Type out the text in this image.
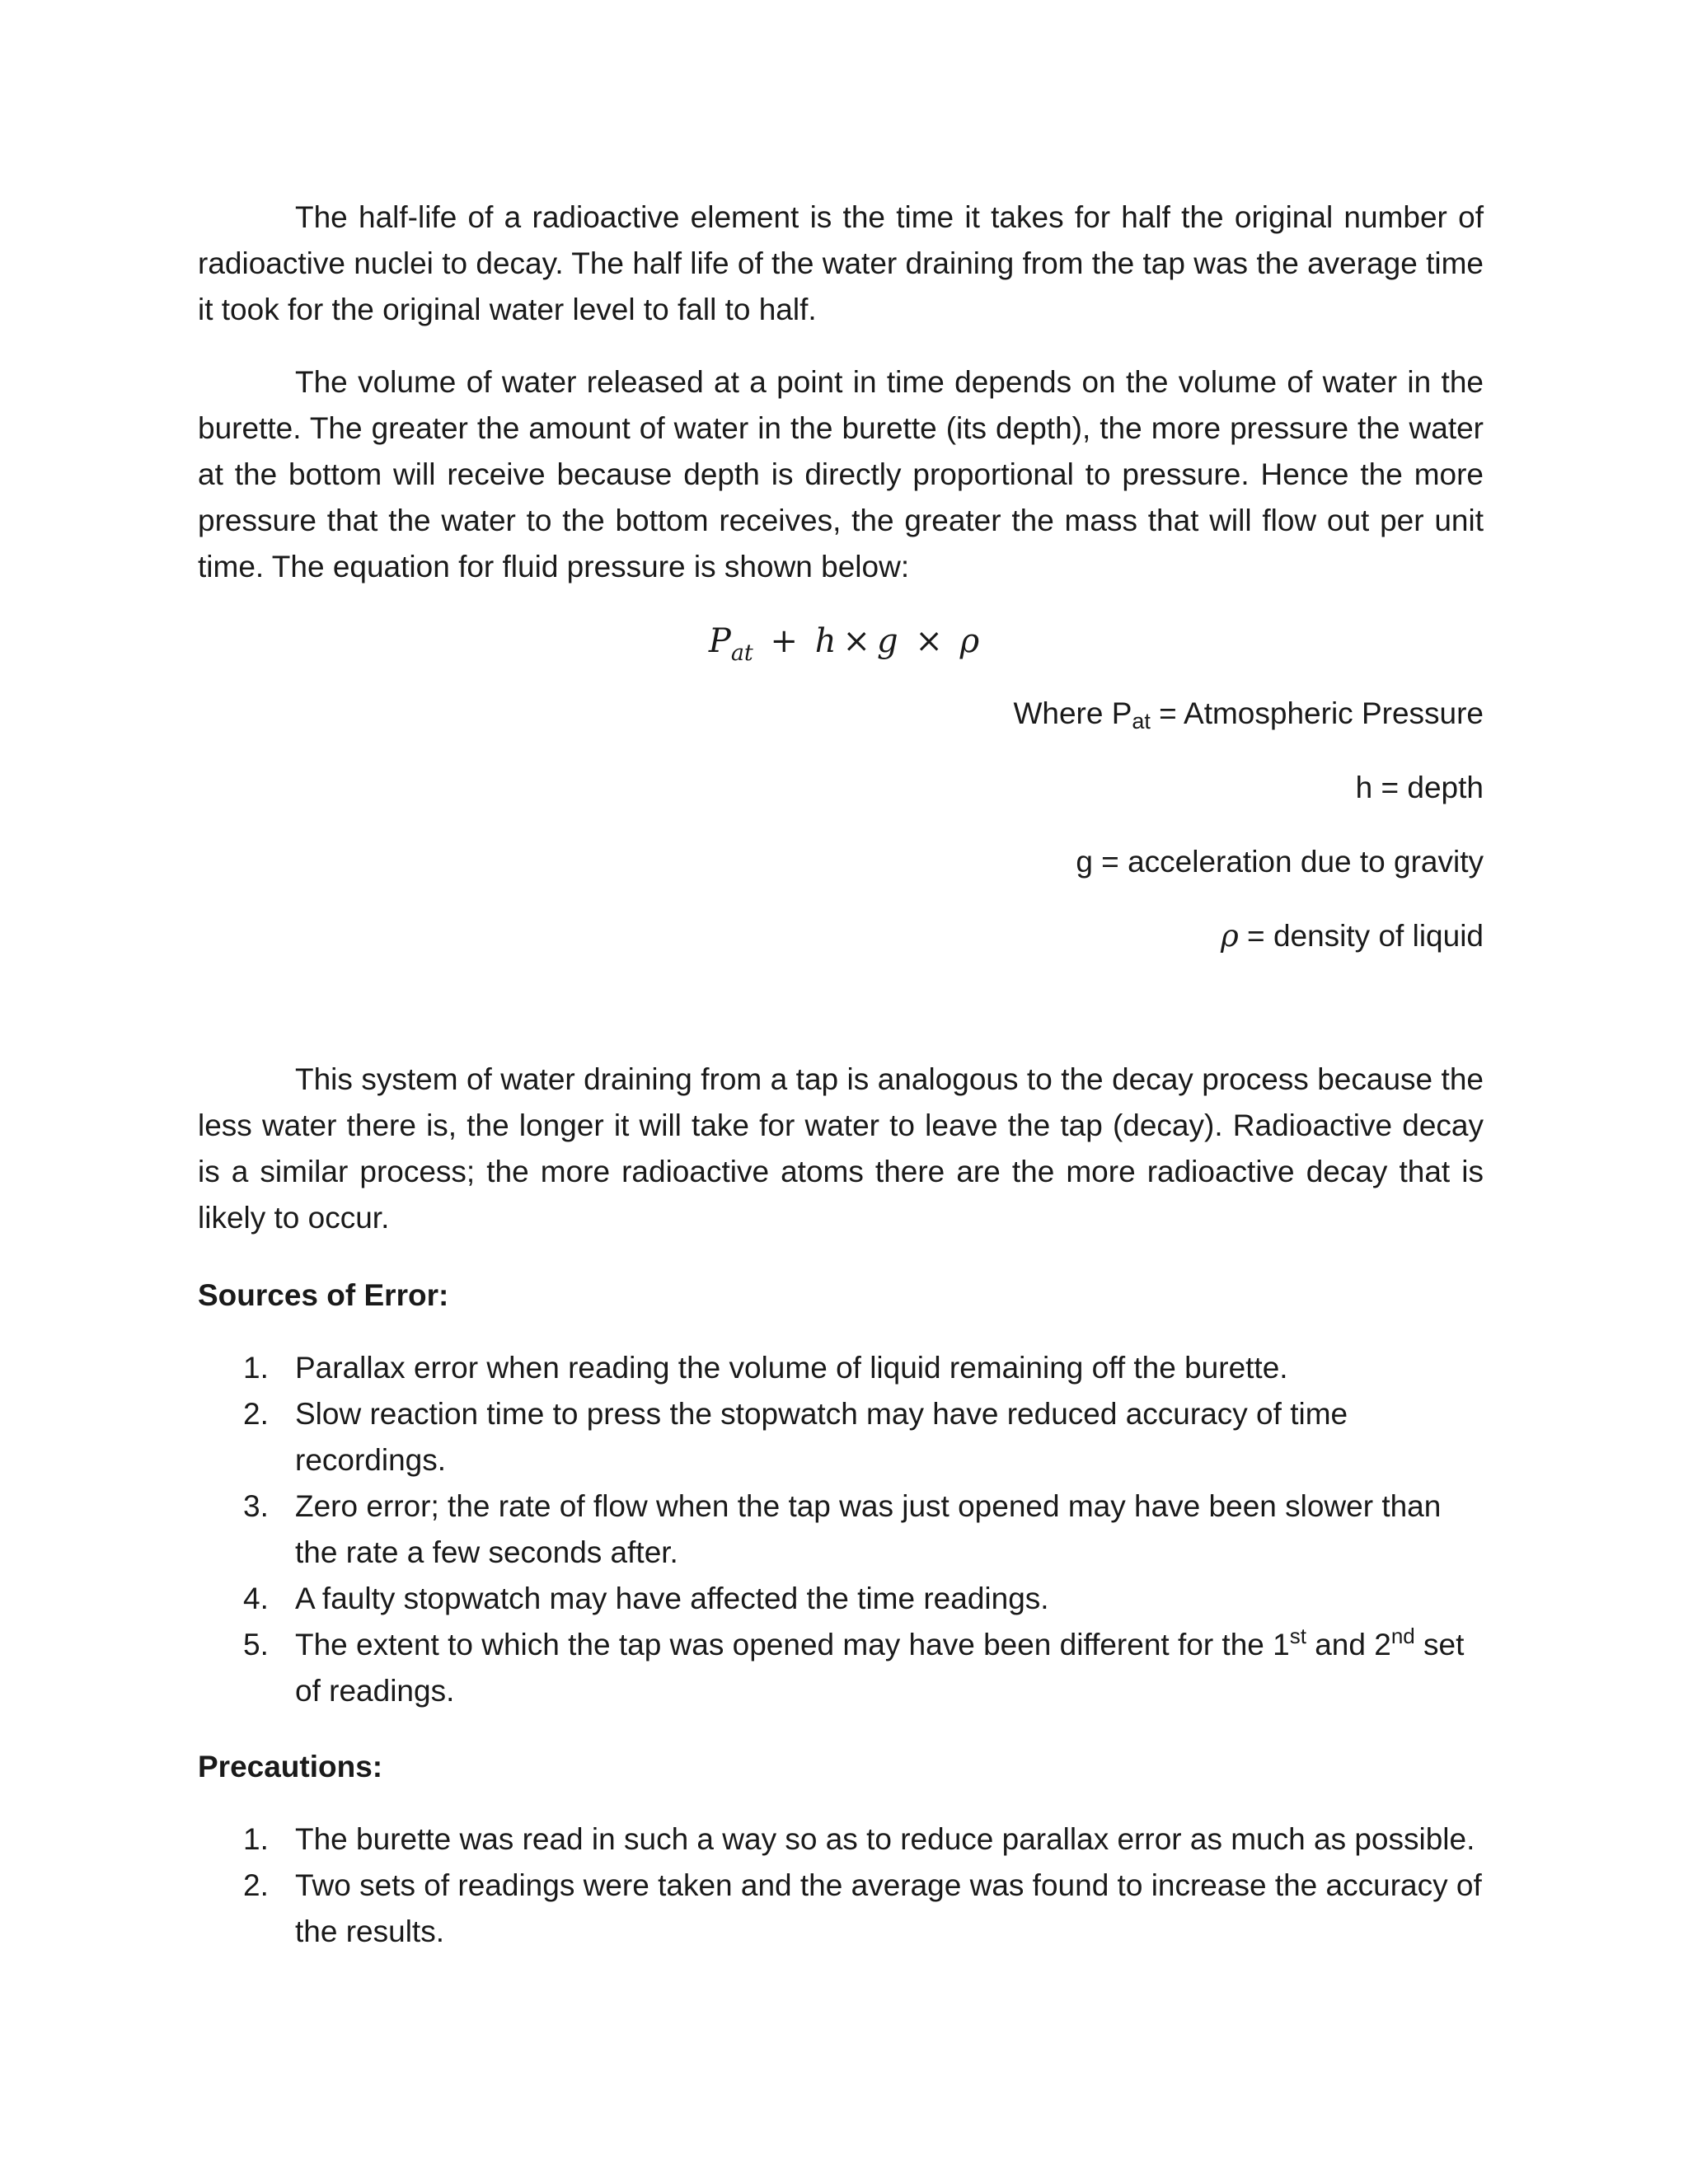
The half-life of a radioactive element is the time it takes for half the original number of radioactive nuclei to decay. The half life of the water draining from the tap was the average time it took for the original water level to fall to half.

The volume of water released at a point in time depends on the volume of water in the burette. The greater the amount of water in the burette (its depth), the more pressure the water at the bottom will receive because depth is directly proportional to pressure. Hence the more pressure that the water to the bottom receives, the greater the mass that will flow out per unit time. The equation for fluid pressure is shown below:

$P_{at} + h \times g \times \rho$
Where $P_{at}$ = Atmospheric Pressure
h = depth
g = acceleration due to gravity
ρ = density of liquid

This system of water draining from a tap is analogous to the decay process because the less water there is, the longer it will take for water to leave the tap (decay). Radioactive decay is a similar process; the more radioactive atoms there are the more radioactive decay that is likely to occur.

Sources of Error:
1. Parallax error when reading the volume of liquid remaining off the burette.
2. Slow reaction time to press the stopwatch may have reduced accuracy of time recordings.
3. Zero error; the rate of flow when the tap was just opened may have been slower than the rate a few seconds after.
4. A faulty stopwatch may have affected the time readings.
5. The extent to which the tap was opened may have been different for the 1st and 2nd set of readings.
Precautions:
1. The burette was read in such a way so as to reduce parallax error as much as possible.
2. Two sets of readings were taken and the average was found to increase the accuracy of the results.
